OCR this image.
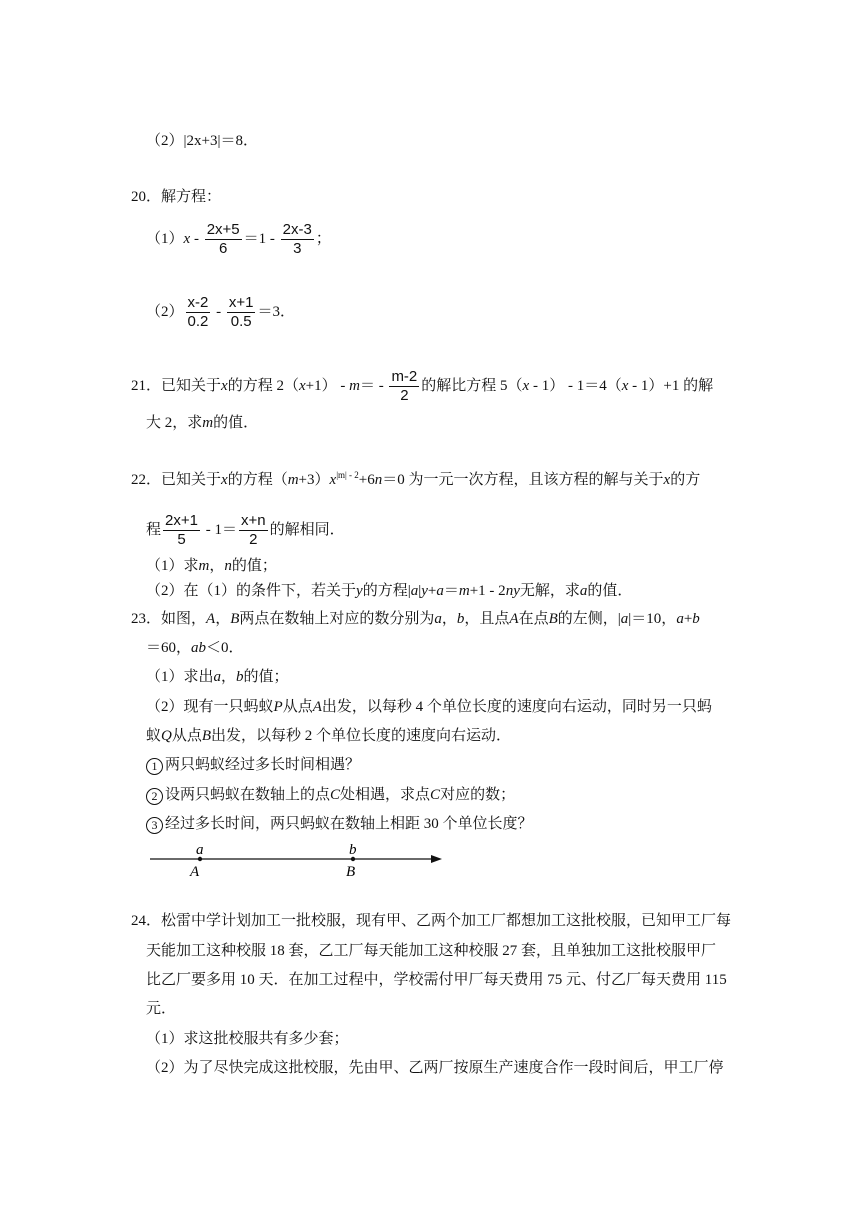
（2）|2x+3|＝8．
20．解方程：
$(1)x - \frac{2x+5}{6} =1 - \frac{2x-3}{3}$ ；
$(2) \frac{x-2}{0.2} - \frac{x+1}{0.5} =3$．
21．已知关于x的方程 $2(x+1) - m= - \frac{m-2}{2}$ 的解比方程 5（x - 1） - 1＝4（x - 1）+1 的解
大 2，求m的值．
22．已知关于x的方程$(m+3)x^{|m| - 2}+6n=0$ 为一元一次方程，且该方程的解与关于x的方
程 $\frac{2x+1}{5} - 1= \frac{x+n}{2}$ 的解相同．
（1）求m，n的值；
（2）在（1）的条件下，若关于y的方程|a|y+a＝m+1 - 2ny无解，求a的值．
23．如图，A，B两点在数轴上对应的数分别为a，b，且点A在点B的左侧，|a|＝10，a+b
＝60，ab＜0．
（1）求出a，b的值；
（2）现有一只蚂蚁P从点A出发，以每秒 4 个单位长度的速度向右运动，同时另一只蚂
蚁Q从点B出发，以每秒 2 个单位长度的速度向右运动．
1 两只蚂蚁经过多长时间相遇？
2 设两只蚂蚁在数轴上的点C处相遇，求点C对应的数；
3 经过多长时间，两只蚂蚁在数轴上相距 30 个单位长度？
a	b
A	B
24．松雷中学计划加工一批校服，现有甲、乙两个加工厂都想加工这批校服，已知甲工厂每
天能加工这种校服 18 套，乙工厂每天能加工这种校服 27 套，且单独加工这批校服甲厂
比乙厂要多用 10 天．在加工过程中，学校需付甲厂每天费用 75 元、付乙厂每天费用 115
元．
（1）求这批校服共有多少套；
（2）为了尽快完成这批校服，先由甲、乙两厂按原生产速度合作一段时间后，甲工厂停
